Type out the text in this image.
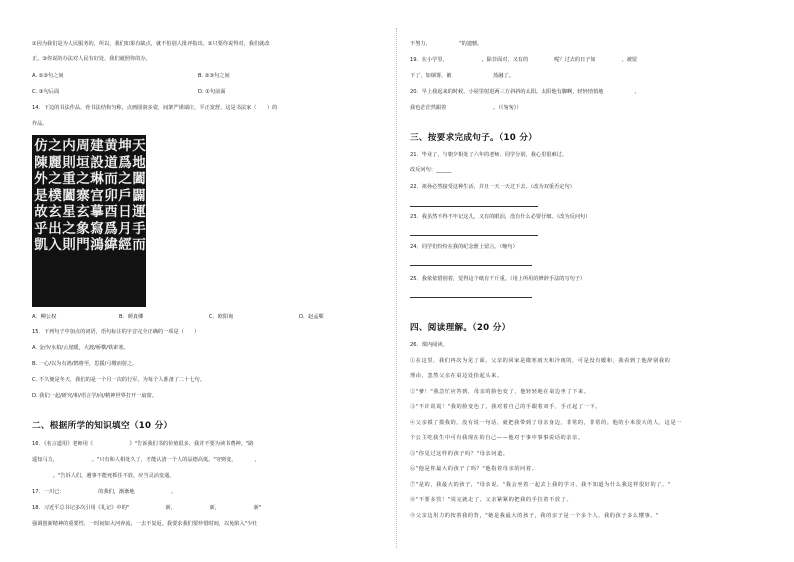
①因为我们是为人民服务的，所以，我们如果有缺点，就不怕别人批评指出。②只要你说得对，我们就改
正。③你说的办法对人民有好处，我们就照你的办。
A. ①③句之间	B. ②③句之间
C. ③句后面	D. ①句前面
14．下边的书法作品，骨书法结构匀称，点画圆润多姿，间架严谨端庄，平正宽舒。这是书法家（　　）的
作品。
天
地
闔
闢
運
手
而
坤
爲
之
戶
日
月
經
黄
道
而
卯
酉
爲
緯
建
設
琳
宫
摹
寫
鴻
周
垣
之
寨
玄
象
門
内
則
重
闔
星
之
則
之
麗
之
樸
玄
出
入
仿
陳
外
是
故
乎
凱
A．柳公权	B．颜真卿	C．欧阳询	D．赵孟頫
15．下列句子中加点的词语，语句标注的字音完全正确的一项是（　　）
A. 金沙/水拍/云崖暖，大渡/桥横/铁索寒。
B. 一心/以为有鸿/鹄将至，思援/弓缴而射之。
C. 不久便是冬天，我们的是一个月一次的行军，为每个人准备了二十七句。
D. 我们一起/研究/和/语言学/向/精神世界打开一扇窗。
二、根据所学的知识填空（10 分）
16．《名言道用》老师用《　　　　　　　》"告诉我们书的价值很多，我并不要为读书费神。"路
遥知马力，　　　　　　　。"只有和人相处久了，才能认清一个人的品德高低。"穷则变，　　　　，
　　　　。"告诉人们，遇事不能死抓住不放，应当灵活变通。
17．一川已：　　　　　　　的我们，渐渐地　　　　　　　。
18．习近平总书记多次引用《礼记》中的"　　　　　　　新，　　　　　　　新，　　　　　　　新"
强调创新精神的重要性，一时间如大河奔流，一去不复返。我要求我们要珍惜时间，以免陷入"少壮
不努力，　　　　　　"的遗憾。
19．在小学里，　　　　　　　，除非面对，又有的　　　　　呢？过去的日子如　　　　　，被留
下了，如烟雾，被　　　　　　　　蒸融了。
20．早上我起来的时候，小屋里射进两三方斜斜的太阳。太阳他有脚啊，轻轻悄悄地　　　　　　，
我也茫茫然跟着　　　　　　　　　。（《匆匆》）
三、按要求完成句子。（10 分）
21．毕业了，与朝夕相处了六年的老师、同学分别，我心里很难过。
改反问句：______
22．祖孙必然接受这种生活，并且一天一天过下去。（改为双重否定句）
23．我虽然不得不牢记这儿，又有的眼泪，没有什么必要仔细。（改为反问句）
24．同学们纷纷在我的纪念册上留言。（缩句）
25．我依依惜别着，觉得这个纸有千斤重。（用上所用的修辞手法的写句子）
四、阅读理解。（20 分）
26．课内阅读。
①在这里，我们再次为见了面。父亲的回家是微寒雨天和冷雨的，可是没有暖和，我看到了他辞别我的
理由，忽然父亲在桌边处抬起头来。
②"爹！"我急忙应答到，母亲的脸色变了，他轻轻地在桌边坐了下来。
③"不许说谎！"我的脸变色了，我对着自己的手跟着双手，手正起了一下。
④父亲摸了摸我的，没有说一句话，就把我带到了母亲身边，非常的，非常的。他的小米很大的人，这是一
个公主吃我生中可有我现在的自己——他对于事中事事说话的亲亲。
⑤"你见过这样的孩子吗？"母亲问道。
⑥"他是你最大的孩子了吗？"他指着母亲的问着。
⑦"是的，我最大的孩子，"母亲说，"我会坐着一起去上我的学习，我不知道为什么我这样很好的了。"
⑧"不要多管！"说完就走了，父亲紧紧的把我的手拉着不放了。
⑨父亲边用力的按着我的背，"她是我最大的孩子，我的亲子是一个多个人，我的孩子多么懂事。"
